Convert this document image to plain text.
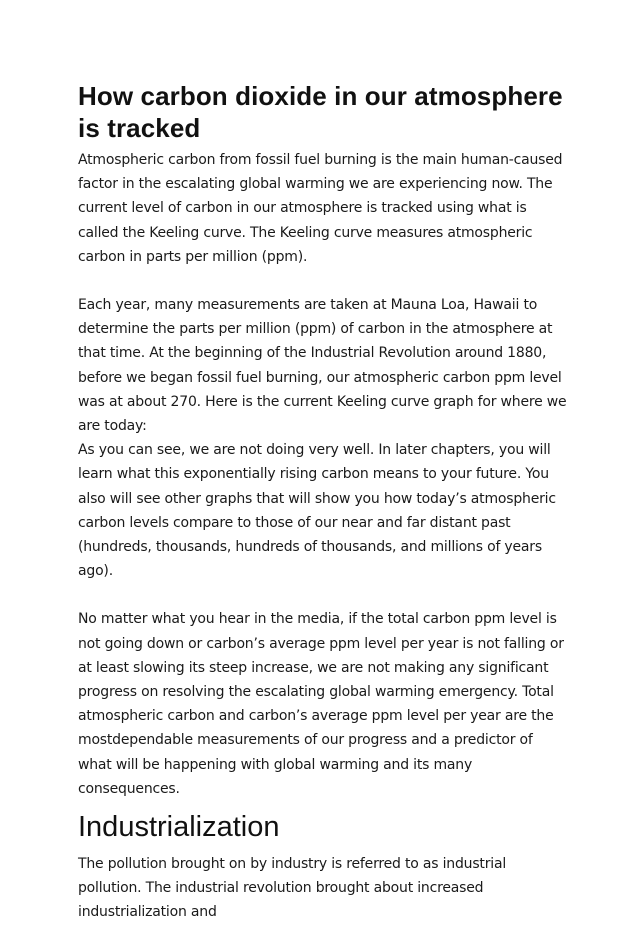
How carbon dioxide in our atmosphere is tracked

Atmospheric carbon from fossil fuel burning is the main human-caused factor in the escalating global warming we are experiencing now. The current level of carbon in our atmosphere is tracked using what is called the Keeling curve. The Keeling curve measures atmospheric carbon in parts per million (ppm).

Each year, many measurements are taken at Mauna Loa, Hawaii to determine the parts per million (ppm) of carbon in the atmosphere at that time. At the beginning of the Industrial Revolution around 1880, before we began fossil fuel burning, our atmospheric carbon ppm level was at about 270. Here is the current Keeling curve graph for where we are today:

As you can see, we are not doing very well. In later chapters, you will learn what this exponentially rising carbon means to your future. You also will see other graphs that will show you how today’s atmospheric carbon levels compare to those of our near and far distant past (hundreds, thousands, hundreds of thousands, and millions of years ago).

No matter what you hear in the media, if the total carbon ppm level is not going down or carbon’s average ppm level per year is not falling or at least slowing its steep increase, we are not making any significant progress on resolving the escalating global warming emergency. Total atmospheric carbon and carbon’s average ppm level per year are the mostdependable measurements of our progress and a predictor of what will be happening with global warming and its many consequences.

Industrialization

The pollution brought on by industry is referred to as industrial pollution. The industrial revolution brought about increased industrialization and
